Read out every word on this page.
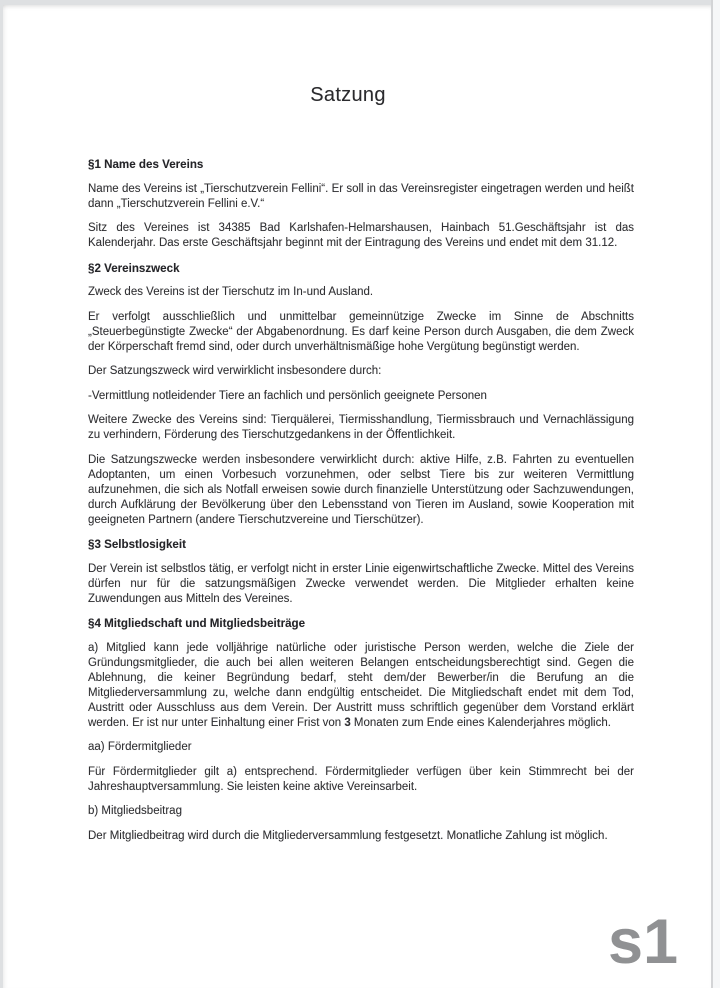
Satzung
§1 Name des Vereins

Name des Vereins ist „Tierschutzverein Fellini“. Er soll in das Vereinsregister eingetragen werden und heißt dann „Tierschutzverein Fellini e.V.“

Sitz des Vereines ist 34385 Bad Karlshafen-Helmarshausen, Hainbach 51.Geschäftsjahr ist das Kalenderjahr. Das erste Geschäftsjahr beginnt mit der Eintragung des Vereins und endet mit dem 31.12.

§2 Vereinszweck

Zweck des Vereins ist der Tierschutz im In-und Ausland.

Er verfolgt ausschließlich und unmittelbar gemeinnützige Zwecke im Sinne de Abschnitts „Steuerbegünstigte Zwecke“ der Abgabenordnung. Es darf keine Person durch Ausgaben, die dem Zweck der Körperschaft fremd sind, oder durch unverhältnismäßige hohe Vergütung begünstigt werden.

Der Satzungszweck wird verwirklicht insbesondere durch:

-Vermittlung notleidender Tiere an fachlich und persönlich geeignete Personen

Weitere Zwecke des Vereins sind: Tierquälerei, Tiermisshandlung, Tiermissbrauch und Vernachlässigung zu verhindern, Förderung des Tierschutzgedankens in der Öffentlichkeit.

Die Satzungszwecke werden insbesondere verwirklicht durch: aktive Hilfe, z.B. Fahrten zu eventuellen Adoptanten, um einen Vorbesuch vorzunehmen, oder selbst Tiere bis zur weiteren Vermittlung aufzunehmen, die sich als Notfall erweisen sowie durch finanzielle Unterstützung oder Sachzuwendungen, durch Aufklärung der Bevölkerung über den Lebensstand von Tieren im Ausland, sowie Kooperation mit geeigneten Partnern (andere Tierschutzvereine und Tierschützer).

§3 Selbstlosigkeit

Der Verein ist selbstlos tätig, er verfolgt nicht in erster Linie eigenwirtschaftliche Zwecke. Mittel des Vereins dürfen nur für die satzungsmäßigen Zwecke verwendet werden. Die Mitglieder erhalten keine Zuwendungen aus Mitteln des Vereines.

§4 Mitgliedschaft und Mitgliedsbeiträge

a) Mitglied kann jede volljährige natürliche oder juristische Person werden, welche die Ziele der Gründungsmitglieder, die auch bei allen weiteren Belangen entscheidungsberechtigt sind. Gegen die Ablehnung, die keiner Begründung bedarf, steht dem/der Bewerber/in die Berufung an die Mitgliederversammlung zu, welche dann endgültig entscheidet. Die Mitgliedschaft endet mit dem Tod, Austritt oder Ausschluss aus dem Verein. Der Austritt muss schriftlich gegenüber dem Vorstand erklärt werden. Er ist nur unter Einhaltung einer Frist von 3 Monaten zum Ende eines Kalenderjahres möglich.

aa) Fördermitglieder

Für Fördermitglieder gilt a) entsprechend. Fördermitglieder verfügen über kein Stimmrecht bei der Jahreshauptversammlung. Sie leisten keine aktive Vereinsarbeit.

b) Mitgliedsbeitrag

Der Mitgliedbeitrag wird durch die Mitgliederversammlung festgesetzt. Monatliche Zahlung ist möglich.

s1
